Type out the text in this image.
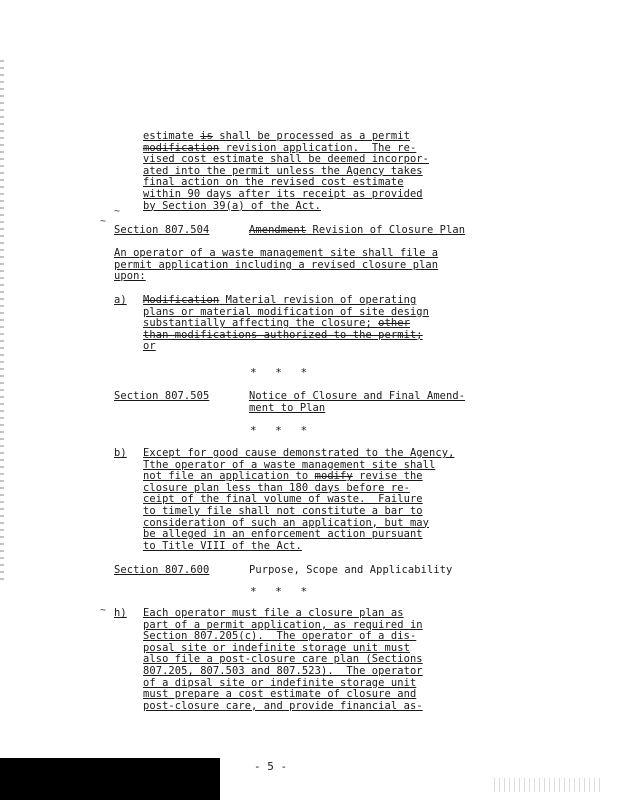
estimate is shall be processed as a permit
modification revision application.  The re-
vised cost estimate shall be deemed incorpor-
ated into the permit unless the Agency takes
final action on the revised cost estimate
within 90 days after its receipt as provided
by Section 39(a) of the Act.
~
Section 807.504	Amendment Revision of Closure Plan
~
An operator of a waste management site shall file a
permit application including a revised closure plan
upon:
a) Modification Material revision of operating
plans or material modification of site design
substantially affecting the closure; other
than modifications authorized to the permit;
or
* * *
Section 807.505	Notice of Closure and Final Amend-
ment to Plan
* * *
b) Except for good cause demonstrated to the Agency,
Tthe operator of a waste management site shall
not file an application to modify revise the
closure plan less than 180 days before re-
ceipt of the final volume of waste.  Failure
to timely file shall not constitute a bar to
consideration of such an application, but may
be alleged in an enforcement action pursuant
to Title VIII of the Act.
Section 807.600	Purpose, Scope and Applicability
* * *
~ h) Each operator must file a closure plan as
part of a permit application, as required in
Section 807.205(c).  The operator of a dis-
posal site or indefinite storage unit must
also file a post-closure care plan (Sections
807.205, 807.503 and 807.523).  The operator
of a dipsal site or indefinite storage unit
must prepare a cost estimate of closure and
post-closure care, and provide financial as-
- 5 -
